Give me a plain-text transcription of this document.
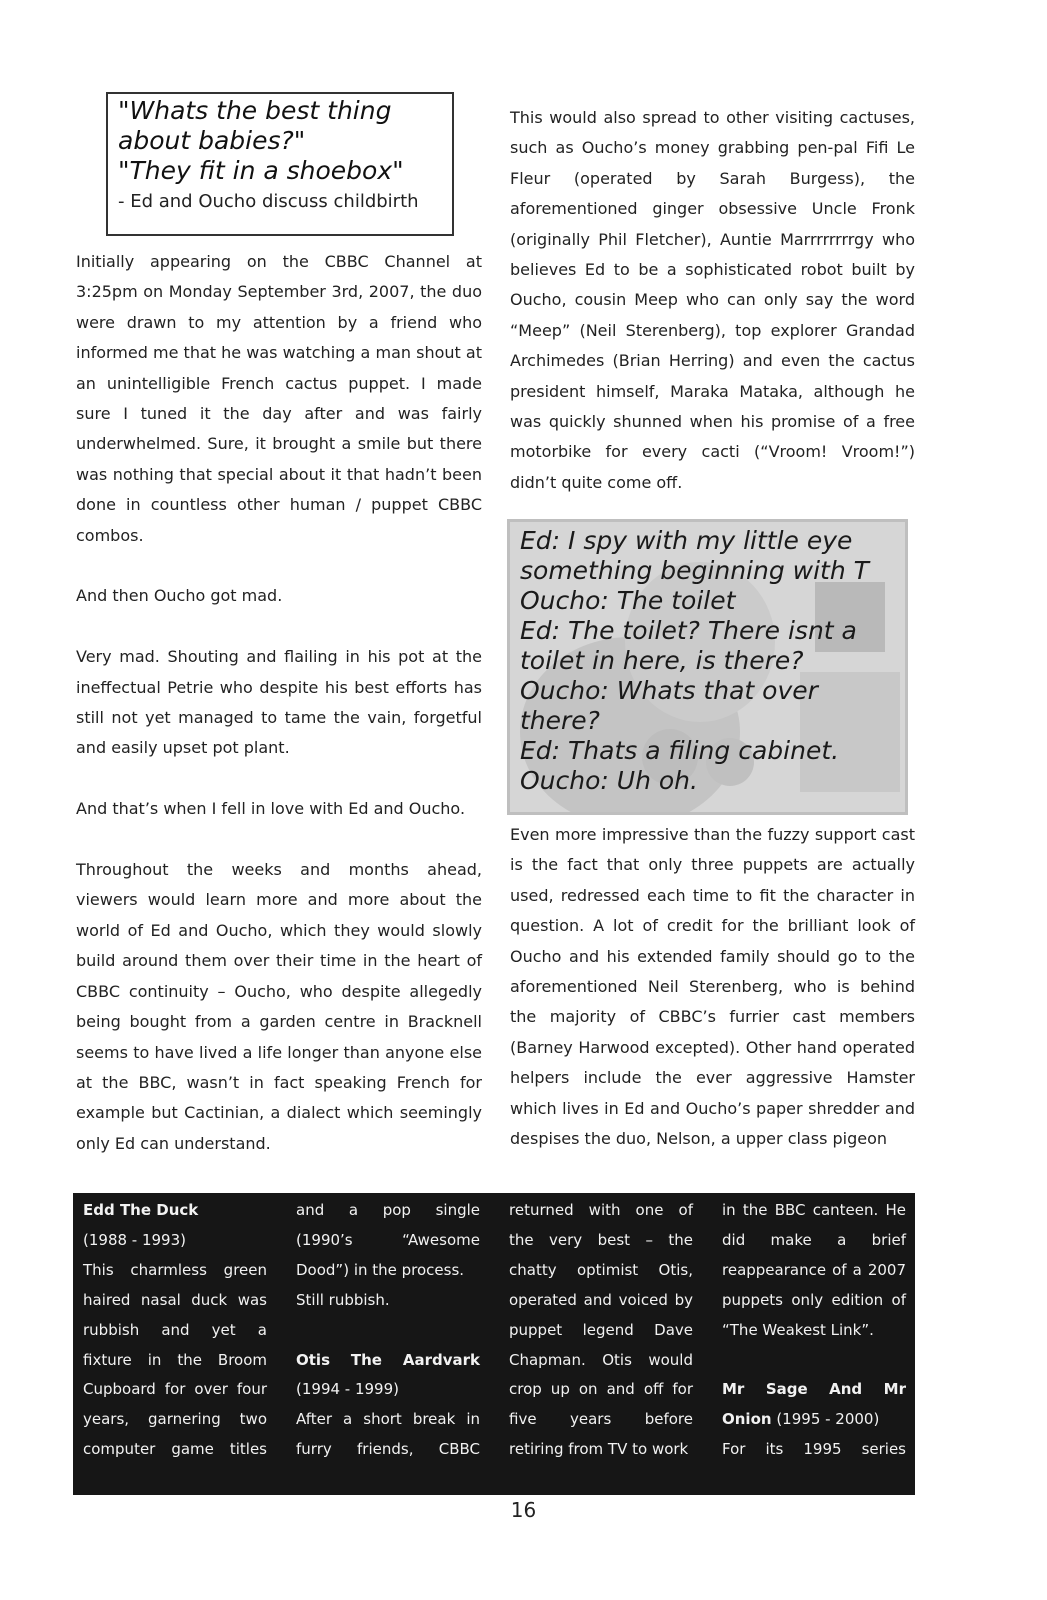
"Whats the best thing

about babies?"

"They fit in a shoebox"

- Ed and Oucho discuss childbirth

Initially appearing on the CBBC Channel at 3:25pm on Monday September 3rd, 2007, the duo were drawn to my attention by a friend who informed me that he was watching a man shout at an unintelligible French cactus puppet. I made sure I tuned it the day after and was fairly underwhelmed. Sure, it brought a smile but there was nothing that special about it that hadn’t been done in countless other human / puppet CBBC combos.

And then Oucho got mad.

Very mad. Shouting and flailing in his pot at the ineffectual Petrie who despite his best efforts has still not yet managed to tame the vain, forgetful and easily upset pot plant.

And that’s when I fell in love with Ed and Oucho.

Throughout the weeks and months ahead, viewers would learn more and more about the world of Ed and Oucho, which they would slowly build around them over their time in the heart of CBBC continuity – Oucho, who despite allegedly being bought from a garden centre in Bracknell seems to have lived a life longer than anyone else at the BBC, wasn’t in fact speaking French for example but Cactinian, a dialect which seemingly only Ed can understand.

This would also spread to other visiting cactuses, such as Oucho’s money grabbing pen-pal Fifi Le Fleur (operated by Sarah Burgess), the aforementioned ginger obsessive Uncle Fronk (originally Phil Fletcher), Auntie Marrrrrrrrgy who believes Ed to be a sophisticated robot built by Oucho, cousin Meep who can only say the word “Meep” (Neil Sterenberg), top explorer Grandad Archimedes (Brian Herring) and even the cactus president himself, Maraka Mataka, although he was quickly shunned when his promise of a free motorbike for every cacti (“Vroom! Vroom!”) didn’t quite come off.

Ed: I spy with my little eye

something beginning with T

Oucho: The toilet

Ed: The toilet? There isnt a

toilet in here, is there?

Oucho: Whats that over

there?

Ed: Thats a filing cabinet.

Oucho: Uh oh.

Even more impressive than the fuzzy support cast is the fact that only three puppets are actually used, redressed each time to fit the character in question. A lot of credit for the brilliant look of Oucho and his extended family should go to the aforementioned Neil Sterenberg, who is behind the majority of CBBC’s furrier cast members (Barney Harwood excepted). Other hand operated helpers include the ever aggressive Hamster which lives in Ed and Oucho’s paper shredder and despises the duo, Nelson, a upper class pigeon

Edd The Duck

(1988 - 1993)

This charmless green

haired nasal duck was

rubbish and yet a

fixture in the Broom

Cupboard for over four

years, garnering two

computer game titles

and a pop single

(1990’s “Awesome

Dood”) in the process.

Still rubbish.

Otis The Aardvark

(1994 - 1999)

After a short break in

furry friends, CBBC

returned with one of

the very best – the

chatty optimist Otis,

operated and voiced by

puppet legend Dave

Chapman. Otis would

crop up on and off for

five years before

retiring from TV to work

in the BBC canteen. He

did make a brief

reappearance of a 2007

puppets only edition of

“The Weakest Link”.

Mr Sage And Mr

Onion (1995 - 2000)

For its 1995 series

16
